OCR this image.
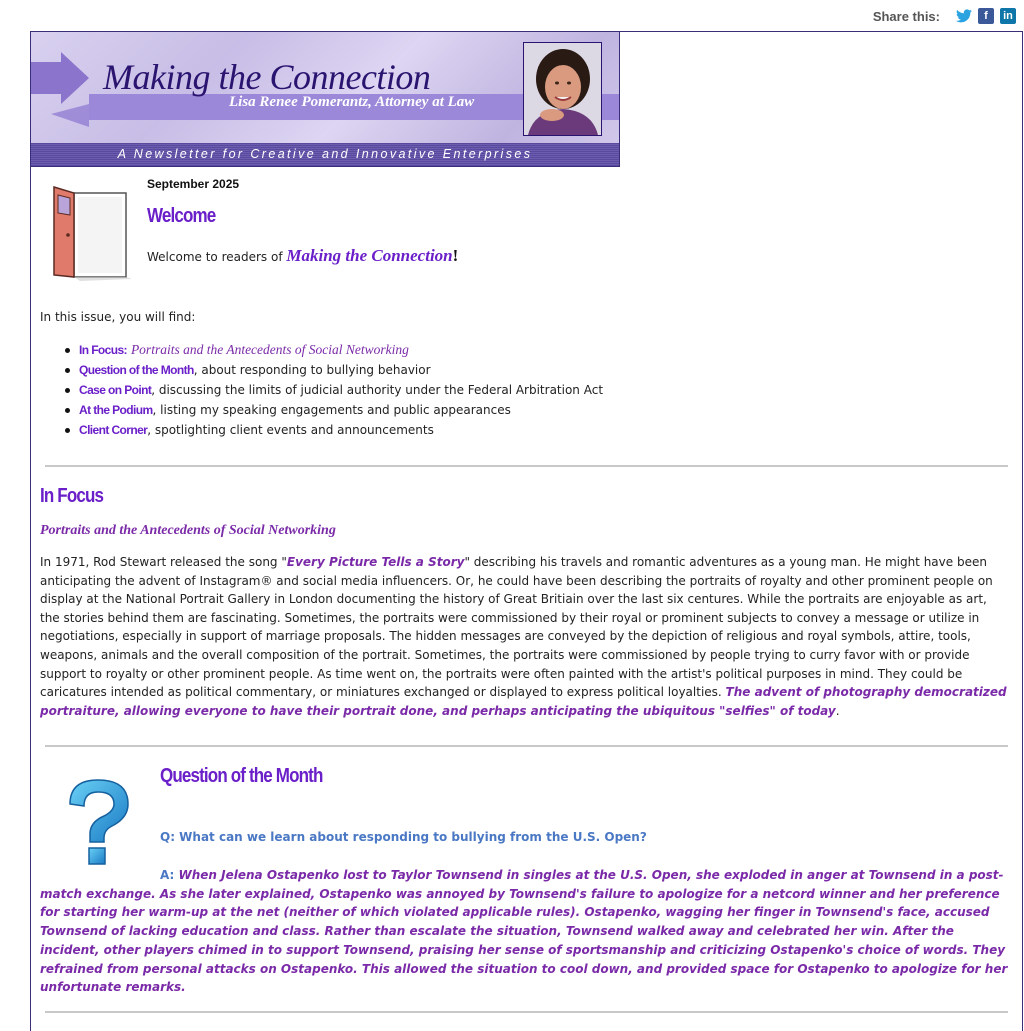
Share this:	f	in
Making the Connection
Lisa Renee Pomerantz, Attorney at Law
A Newsletter for Creative and Innovative Enterprises
September 2025
Welcome
Welcome to readers of Making the Connection!
In this issue, you will find:
In Focus: Portraits and the Antecedents of Social Networking
Question of the Month, about responding to bullying behavior
Case on Point, discussing the limits of judicial authority under the Federal Arbitration Act
At the Podium, listing my speaking engagements and public appearances
Client Corner, spotlighting client events and announcements
In Focus
Portraits and the Antecedents of Social Networking
In 1971, Rod Stewart released the song "Every Picture Tells a Story" describing his travels and romantic adventures as a young man. He might have been anticipating the advent of Instagram® and social media influencers. Or, he could have been describing the portraits of royalty and other prominent people on display at the National Portrait Gallery in London documenting the history of Great Britiain over the last six centures. While the portraits are enjoyable as art, the stories behind them are fascinating. Sometimes, the portraits were commissioned by their royal or prominent subjects to convey a message or utilize in negotiations, especially in support of marriage proposals. The hidden messages are conveyed by the depiction of religious and royal symbols, attire, tools, weapons, animals and the overall composition of the portrait. Sometimes, the portraits were commissioned by people trying to curry favor with or provide support to royalty or other prominent people. As time went on, the portraits were often painted with the artist's political purposes in mind. They could be caricatures intended as political commentary, or miniatures exchanged or displayed to express political loyalties. The advent of photography democratized portraiture, allowing everyone to have their portrait done, and perhaps anticipating the ubiquitous "selfies" of today.
Question of the Month
Q: What can we learn about responding to bullying from the U.S. Open?
A: When Jelena Ostapenko lost to Taylor Townsend in singles at the U.S. Open, she exploded in anger at Townsend in a post-match exchange. As she later explained, Ostapenko was annoyed by Townsend's failure to apologize for a netcord winner and her preference for starting her warm-up at the net (neither of which violated applicable rules). Ostapenko, wagging her finger in Townsend's face, accused Townsend of lacking education and class. Rather than escalate the situation, Townsend walked away and celebrated her win. After the incident, other players chimed in to support Townsend, praising her sense of sportsmanship and criticizing Ostapenko's choice of words. They refrained from personal attacks on Ostapenko. This allowed the situation to cool down, and provided space for Ostapenko to apologize for her unfortunate remarks.
